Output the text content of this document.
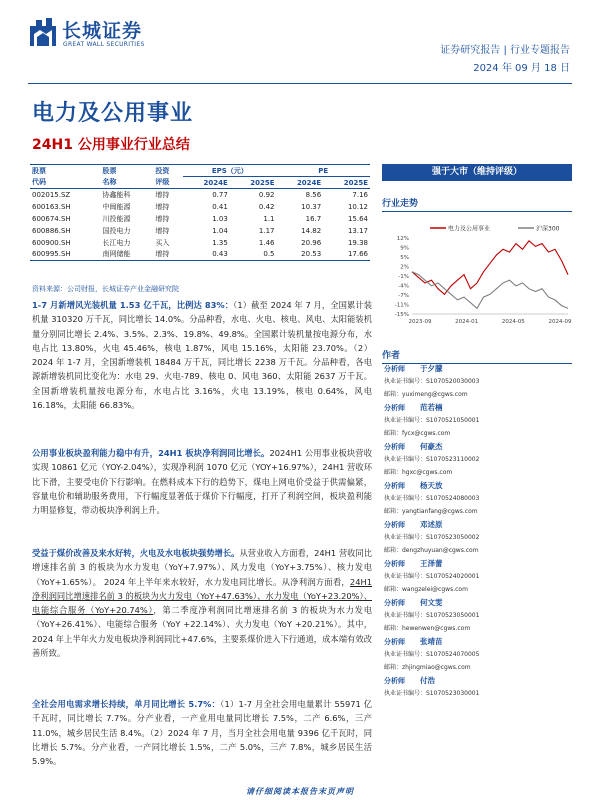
长城证券
GREAT WALL SECURITIES
证券研究报告 | 行业专题报告
2024 年 09 月 18 日
电力及公用事业
24H1 公用事业行业总结
股票	股票	投资	EPS（元）		PE	
代码	名称	评级	2024E	2025E	2024E	2025E
002015.SZ	协鑫能科	增持	0.77	0.92	8.56	7.16
600163.SH	中闽能源	增持	0.41	0.42	10.37	10.12
600674.SH	川投能源	增持	1.03	1.1	16.7	15.64
600886.SH	国投电力	增持	1.04	1.17	14.82	13.17
600900.SH	长江电力	买入	1.35	1.46	20.96	19.38
600995.SH	南网储能	增持	0.43	0.5	20.53	17.66
资料来源：公司财报，长城证券产业金融研究院
1-7 月新增风光装机量 1.53 亿千瓦，比例达 83%：（1）截至 2024 年 7 月，全国累计装机量 310320 万千瓦，同比增长 14.0%。分品种看，水电、火电、核电、风电、太阳能装机量分别同比增长 2.4%、3.5%、2.3%、19.8%、49.8%。全国累计装机量按电源分布，水电占比 13.80%，火电 45.46%，核电 1.87%，风电 15.16%，太阳能 23.70%。（2）2024 年 1-7 月，全国新增装机 18484 万千瓦，同比增长 2238 万千瓦。分品种看，各电源新增装机同比变化为：水电 29、火电-789、核电 0、风电 360、太阳能 2637 万千瓦。全国新增装机量按电源分布，水电占比 3.16%，火电 13.19%，核电 0.64%，风电 16.18%，太阳能 66.83%。
公用事业板块盈利能力稳中有升，24H1 板块净利润同比增长。2024H1 公用事业板块营收实现 10861 亿元（YOY-2.04%），实现净利润 1070 亿元（YOY+16.97%），24H1 营收环比下滑，主要受电价下行影响。在燃料成本下行的趋势下，煤电上网电价受益于供需偏紧，容量电价和辅助服务费用，下行幅度显著低于煤价下行幅度，打开了利润空间，板块盈利能力明显修复，带动板块净利润上升。
受益于煤价改善及来水好转，火电及水电板块强势增长。从营业收入方面看，24H1 营收同比增速排名前 3 的板块为水力发电（YoY+7.97%）、风力发电（YoY+3.75%）、核力发电（YoY+1.65%）。 2024 年上半年来水较好，水力发电同比增长。从净利润方面看，24H1 净利润同比增速排名前 3 的板块为火力发电（YoY+47.63%）、水力发电（YoY+23.20%）、电能综合服务（YoY+20.74%），第二季度净利润同比增速排名前 3 的板块为水力发电（YoY+26.41%）、电能综合服务（YoY +22.14%）、火力发电（YoY +20.21%）。其中，2024 年上半年火力发电板块净利润同比+47.6%，主要系煤价进入下行通道，成本端有效改善所致。
全社会用电需求增长持续，单月同比增长 5.7%：（1）1-7 月全社会用电量累计 55971 亿千瓦时，同比增长 7.7%。分产业看，一产业用电量同比增长 7.5%，二产 6.6%，三产 11.0%，城乡居民生活 8.4%。（2）2024 年 7 月，当月全社会用电量 9396 亿千瓦时，同比增长 5.7%。分产业看，一产同比增长 1.5%，二产 5.0%，三产 7.8%，城乡居民生活 5.9%。
强于大市（维持评级）
行业走势
12%
9%
5%
2%
-1%
-4%
-7%
-11%
-15%
2023-09	2024-01	2024-05	2024-09
电力及公用事业	沪深300
作者
分析师 于夕朦
执业证书编号：S1070520030003
邮箱：yuximeng@cgws.com
分析师 范若楠
执业证书编号：S1070521050001
邮箱：fycx@cgws.com
分析师 何豪杰
执业证书编号：S1070523110002
邮箱：hgxc@cgws.com
分析师 杨天放
执业证书编号：S1070524080003
邮箱：yangtianfang@cgws.com
分析师 邓述原
执业证书编号：S1070523050002
邮箱：dengzhuyuan@cgws.com
分析师 王泽蕾
执业证书编号：S1070524020001
邮箱：wangzelei@cgws.com
分析师 何文雯
执业证书编号：S1070523050001
邮箱：hewenwen@cgws.com
分析师 张靖苗
执业证书编号：S1070524070005
邮箱：zhjingmiao@cgws.com
分析师 付浩
执业证书编号：S1070523030001
请仔细阅读本报告末页声明
